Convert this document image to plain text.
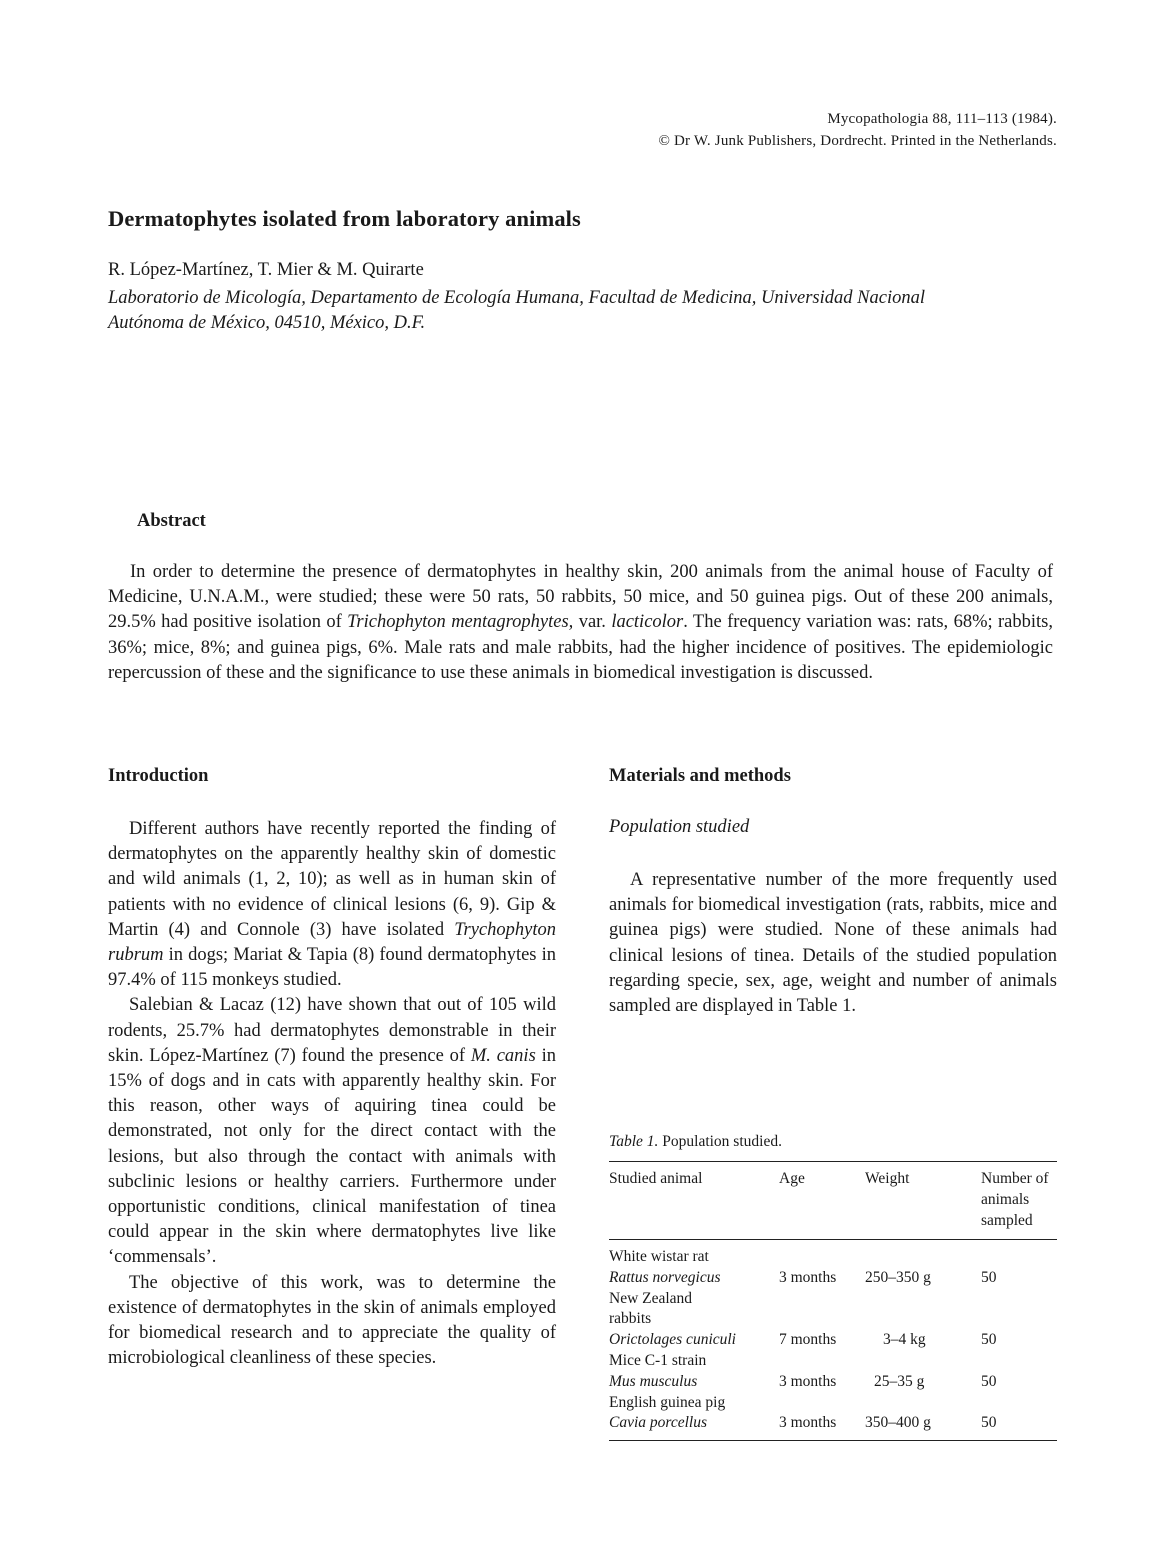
Mycopathologia 88, 111–113 (1984).
© Dr W. Junk Publishers, Dordrecht. Printed in the Netherlands.
Dermatophytes isolated from laboratory animals
R. López-Martínez, T. Mier & M. Quirarte
Laboratorio de Micología, Departamento de Ecología Humana, Facultad de Medicina, Universidad Nacional
Autónoma de México, 04510, México, D.F.
Abstract
In order to determine the presence of dermatophytes in healthy skin, 200 animals from the animal house of Faculty of Medicine, U.N.A.M., were studied; these were 50 rats, 50 rabbits, 50 mice, and 50 guinea pigs. Out of these 200 animals, 29.5% had positive isolation of Trichophyton mentagrophytes, var. lacticolor. The frequency variation was: rats, 68%; rabbits, 36%; mice, 8%; and guinea pigs, 6%. Male rats and male rabbits, had the higher incidence of positives. The epidemiologic repercussion of these and the significance to use these animals in biomedical investigation is discussed.
Introduction

Different authors have recently reported the finding of dermatophytes on the apparently healthy skin of domestic and wild animals (1, 2, 10); as well as in human skin of patients with no evidence of clinical lesions (6, 9). Gip & Martin (4) and Connole (3) have isolated Trychophyton rubrum in dogs; Mariat & Tapia (8) found dermatophytes in 97.4% of 115 monkeys studied.

Salebian & Lacaz (12) have shown that out of 105 wild rodents, 25.7% had dermatophytes demonstrable in their skin. López-Martínez (7) found the presence of M. canis in 15% of dogs and in cats with apparently healthy skin. For this reason, other ways of aquiring tinea could be demonstrated, not only for the direct contact with the lesions, but also through the contact with animals with subclinic lesions or healthy carriers. Furthermore under opportunistic conditions, clinical manifestation of tinea could appear in the skin where dermatophytes live like ‘commensals’.

The objective of this work, was to determine the existence of dermatophytes in the skin of animals employed for biomedical research and to appreciate the quality of microbiological cleanliness of these species.

Materials and methods
Population studied

A representative number of the more frequently used animals for biomedical investigation (rats, rabbits, mice and guinea pigs) were studied. None of these animals had clinical lesions of tinea. Details of the studied population regarding specie, sex, age, weight and number of animals sampled are displayed in Table 1.

Table 1. Population studied.
Studied animal	Age	Weight	Number of animals sampled
White wistar rat			
Rattus norvegicus	3 months	250–350 g	50
New Zealand rabbits			
Orictolages cuniculi	7 months	3–4 kg	50
Mice C-1 strain			
Mus musculus	3 months	25–35 g	50
English guinea pig			
Cavia porcellus	3 months	350–400 g	50
